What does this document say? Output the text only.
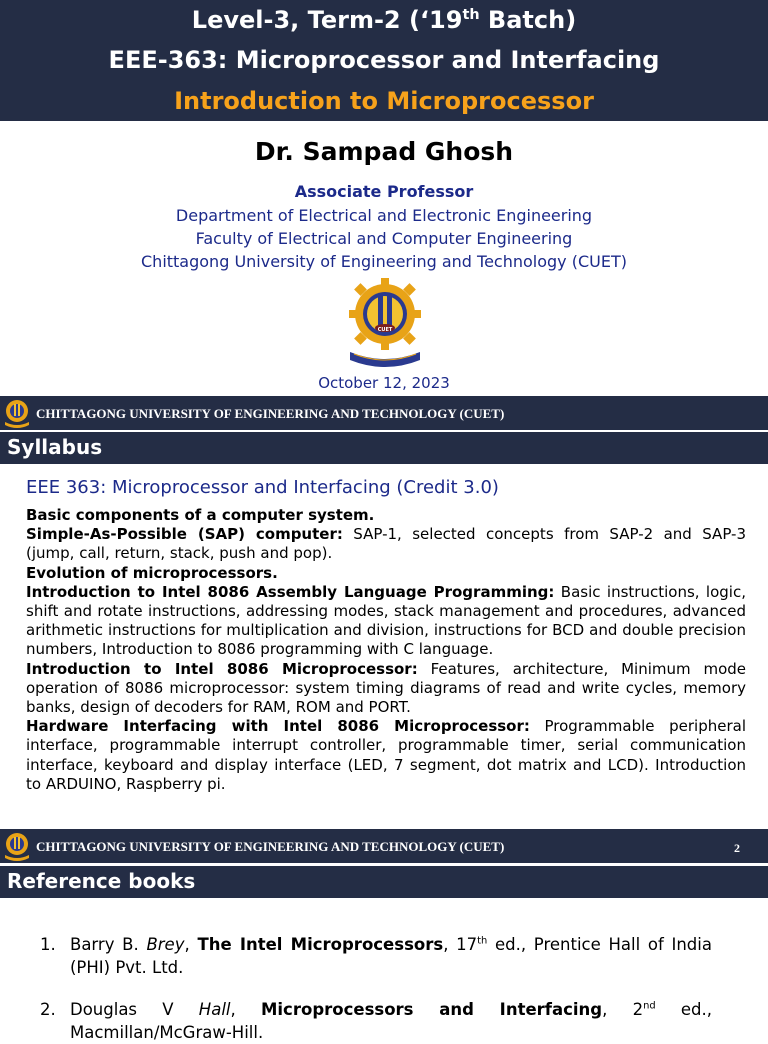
Level-3, Term-2 (‘19th Batch)
EEE-363: Microprocessor and Interfacing
Introduction to Microprocessor
Dr. Sampad Ghosh
Associate Professor
Department of Electrical and Electronic Engineering
Faculty of Electrical and Computer Engineering
Chittagong University of Engineering and Technology (CUET)
CUET
October 12, 2023
CHITTAGONG UNIVERSITY OF ENGINEERING AND TECHNOLOGY (CUET)
Syllabus
EEE 363: Microprocessor and Interfacing (Credit 3.0)

Basic components of a computer system.

Simple-As-Possible (SAP) computer: SAP-1, selected concepts from SAP-2 and SAP-3 (jump, call, return, stack, push and pop).

Evolution of microprocessors.

Introduction to Intel 8086 Assembly Language Programming: Basic instructions, logic, shift and rotate instructions, addressing modes, stack management and procedures, advanced arithmetic instructions for multiplication and division, instructions for BCD and double precision numbers, Introduction to 8086 programming with C language.

Introduction to Intel 8086 Microprocessor: Features, architecture, Minimum mode operation of 8086 microprocessor: system timing diagrams of read and write cycles, memory banks, design of decoders for RAM, ROM and PORT.

Hardware Interfacing with Intel 8086 Microprocessor: Programmable peripheral interface, programmable interrupt controller, programmable timer, serial communication interface, keyboard and display interface (LED, 7 segment, dot matrix and LCD). Introduction to ARDUINO, Raspberry pi.

CHITTAGONG UNIVERSITY OF ENGINEERING AND TECHNOLOGY (CUET)	2
Reference books
1. Barry B. Brey, The Intel Microprocessors, 17th ed., Prentice Hall of India (PHI) Pvt. Ltd.
2. Douglas V Hall, Microprocessors and Interfacing, 2nd ed., Macmillan/McGraw-Hill.
